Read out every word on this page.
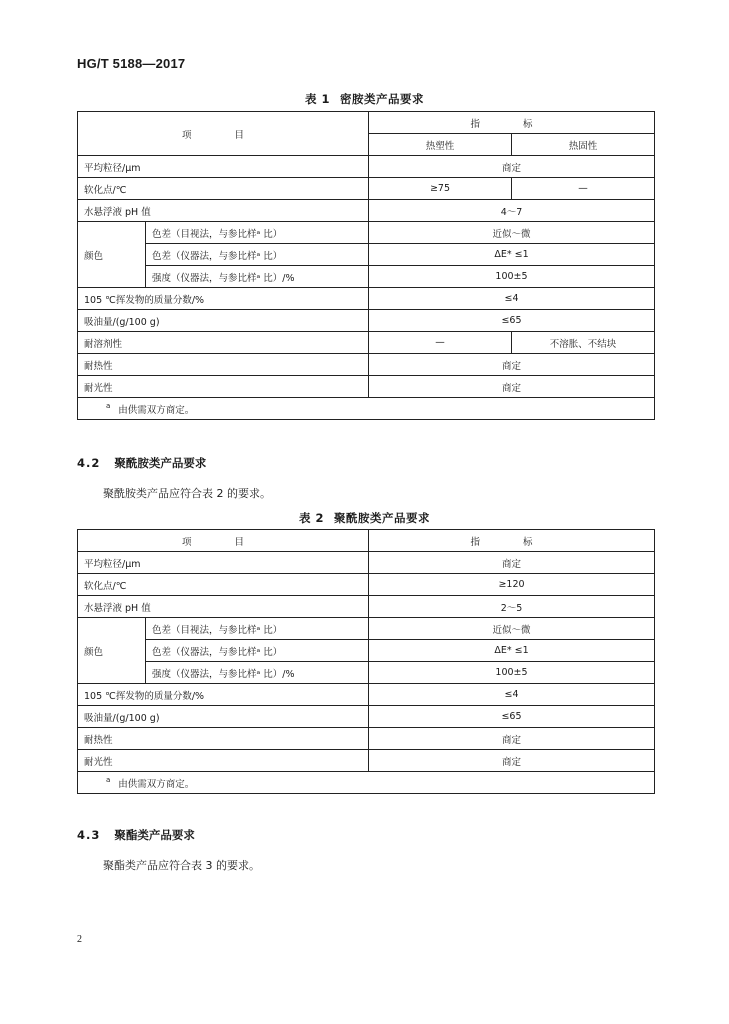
HG/T 5188—2017
表 1 密胺类产品要求
项 目		指 标	
		热塑性	热固性
平均粒径/μm		商定	
软化点/℃		≥75	—
水悬浮液 pH 值		4～7	
颜色	色差（目视法，与参比样ᵃ 比）	近似～微	
	色差（仪器法，与参比样ᵃ 比）	ΔE* ≤1	
	强度（仪器法，与参比样ᵃ 比）/%	100±5	
105 ℃挥发物的质量分数/%		≤4	
吸油量/(g/100 g)		≤65	
耐溶剂性		—	不溶胀、不结块
耐热性		商定	
耐光性		商定	
$^a$ 由供需双方商定。			
4.2 聚酰胺类产品要求
聚酰胺类产品应符合表 2 的要求。
表 2 聚酰胺类产品要求
项 目		指 标
平均粒径/μm		商定
软化点/℃		≥120
水悬浮液 pH 值		2～5
颜色	色差（目视法，与参比样ᵃ 比）	近似～微
	色差（仪器法，与参比样ᵃ 比）	ΔE* ≤1
	强度（仪器法，与参比样ᵃ 比）/%	100±5
105 ℃挥发物的质量分数/%		≤4
吸油量/(g/100 g)		≤65
耐热性		商定
耐光性		商定
$^a$ 由供需双方商定。		
4.3 聚酯类产品要求
聚酯类产品应符合表 3 的要求。
2
